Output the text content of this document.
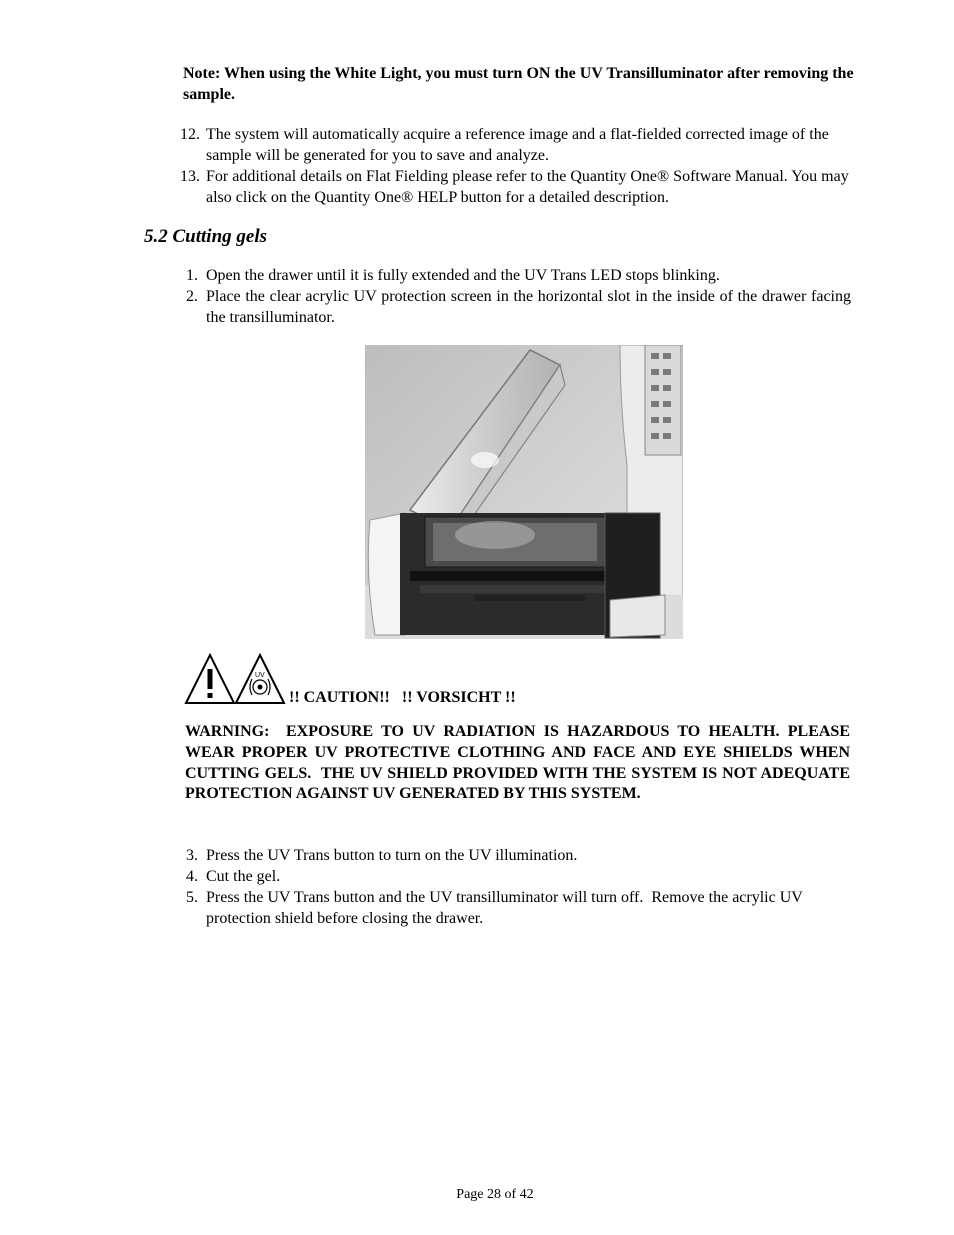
Note: When using the White Light, you must turn ON the UV Transilluminator after removing the sample.
12. The system will automatically acquire a reference image and a flat-fielded corrected image of the sample will be generated for you to save and analyze.
13. For additional details on Flat Fielding please refer to the Quantity One® Software Manual. You may also click on the Quantity One® HELP button for a detailed description.
5.2 Cutting gels
1. Open the drawer until it is fully extended and the UV Trans LED stops blinking.
2. Place the clear acrylic UV protection screen in the horizontal slot in the inside of the drawer facing the transilluminator.
UV
!! CAUTION!!   !! VORSICHT !!
WARNING:  EXPOSURE TO UV RADIATION IS HAZARDOUS TO HEALTH. PLEASE WEAR PROPER UV PROTECTIVE CLOTHING AND FACE AND EYE SHIELDS WHEN CUTTING GELS.  THE UV SHIELD PROVIDED WITH THE SYSTEM IS NOT ADEQUATE PROTECTION AGAINST UV GENERATED BY THIS SYSTEM.
3. Press the UV Trans button to turn on the UV illumination.
4. Cut the gel.
5. Press the UV Trans button and the UV transilluminator will turn off.  Remove the acrylic UV protection shield before closing the drawer.
Page 28 of 42
